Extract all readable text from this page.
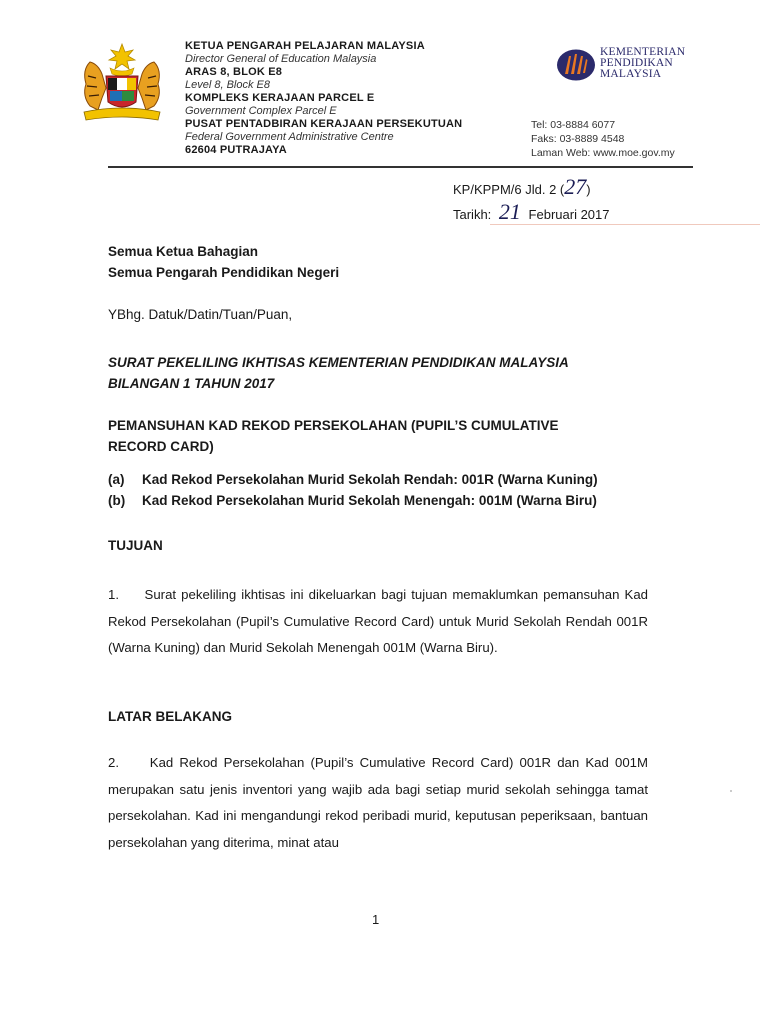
KETUA PENGARAH PELAJARAN MALAYSIA
Director General of Education Malaysia
ARAS 8, BLOK E8
Level 8, Block E8
KOMPLEKS KERAJAAN PARCEL E
Government Complex Parcel E
PUSAT PENTADBIRAN KERAJAAN PERSEKUTUAN
Federal Government Administrative Centre
62604 PUTRAJAYA
KEMENTERIAN
PENDIDIKAN
MALAYSIA
Tel: 03-8884 6077
Faks: 03-8889 4548
Laman Web: www.moe.gov.my
KP/KPPM/6 Jld. 2 (27)
Tarikh: 21 Februari 2017
Semua Ketua Bahagian
Semua Pengarah Pendidikan Negeri
YBhg. Datuk/Datin/Tuan/Puan,
SURAT PEKELILING IKHTISAS KEMENTERIAN PENDIDIKAN MALAYSIA
BILANGAN 1 TAHUN 2017
PEMANSUHAN KAD REKOD PERSEKOLAHAN (PUPIL’S CUMULATIVE
RECORD CARD)
(a) Kad Rekod Persekolahan Murid Sekolah Rendah: 001R (Warna Kuning)
(b) Kad Rekod Persekolahan Murid Sekolah Menengah: 001M (Warna Biru)
TUJUAN
1.     Surat pekeliling ikhtisas ini dikeluarkan bagi tujuan memaklumkan pemansuhan Kad Rekod Persekolahan (Pupil’s Cumulative Record Card) untuk Murid Sekolah Rendah 001R (Warna Kuning) dan Murid Sekolah Menengah 001M (Warna Biru).
LATAR BELAKANG
2.     Kad Rekod Persekolahan (Pupil’s Cumulative Record Card) 001R dan Kad 001M merupakan satu jenis inventori yang wajib ada bagi setiap murid sekolah sehingga tamat persekolahan. Kad ini mengandungi rekod peribadi murid, keputusan peperiksaan, bantuan persekolahan yang diterima, minat atau
1
